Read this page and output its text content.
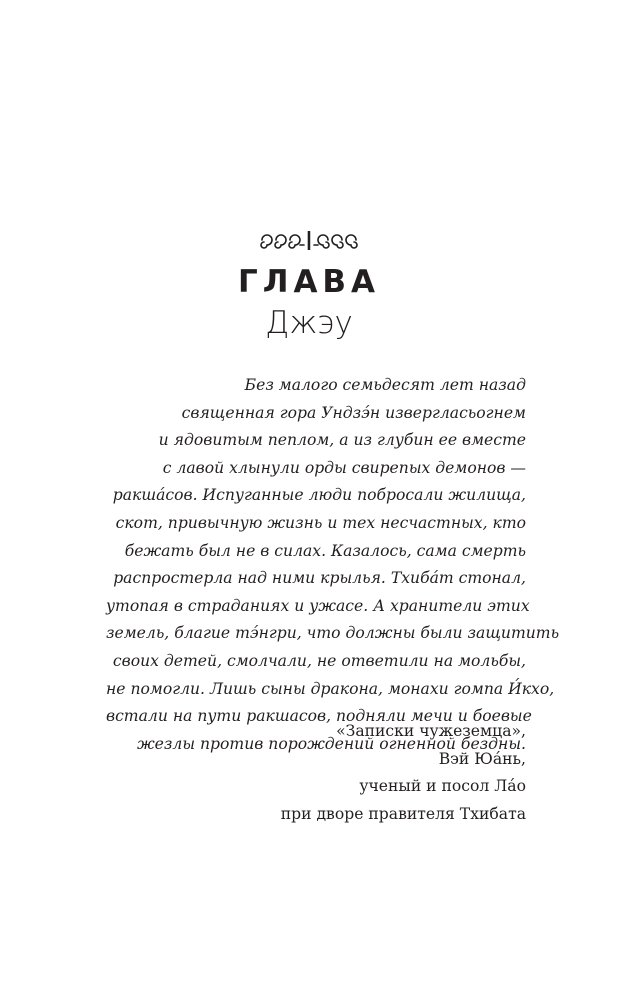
I
ГЛАВА
Джэу
Без малого семьдесят лет назад
священная гора Ундзэ́н извергласьогнем
и ядовитым пеплом, а из глубин ее вместе
с лавой хлынули орды свирепых демонов —
ракша́сов. Испуганные люди побросали жилища,
скот, привычную жизнь и тех несчастных, кто
бежать был не в силах. Казалось, сама смерть
распростерла над ними крылья. Тхиба́т стонал,
утопая в страданиях и ужасе. А хранители этих
земель, благие тэ́нгри, что должны были защитить
своих детей, смолчали, не ответили на мольбы,
не помогли. Лишь сыны дракона, монахи гомпа И́кхо,
встали на пути ракшасов, подняли мечи и боевые
жезлы против порождений огненной бездны.
«Записки чужеземца»,
Вэй Юа́нь,
ученый и посол Ла́о
при дворе правителя Тхибата
